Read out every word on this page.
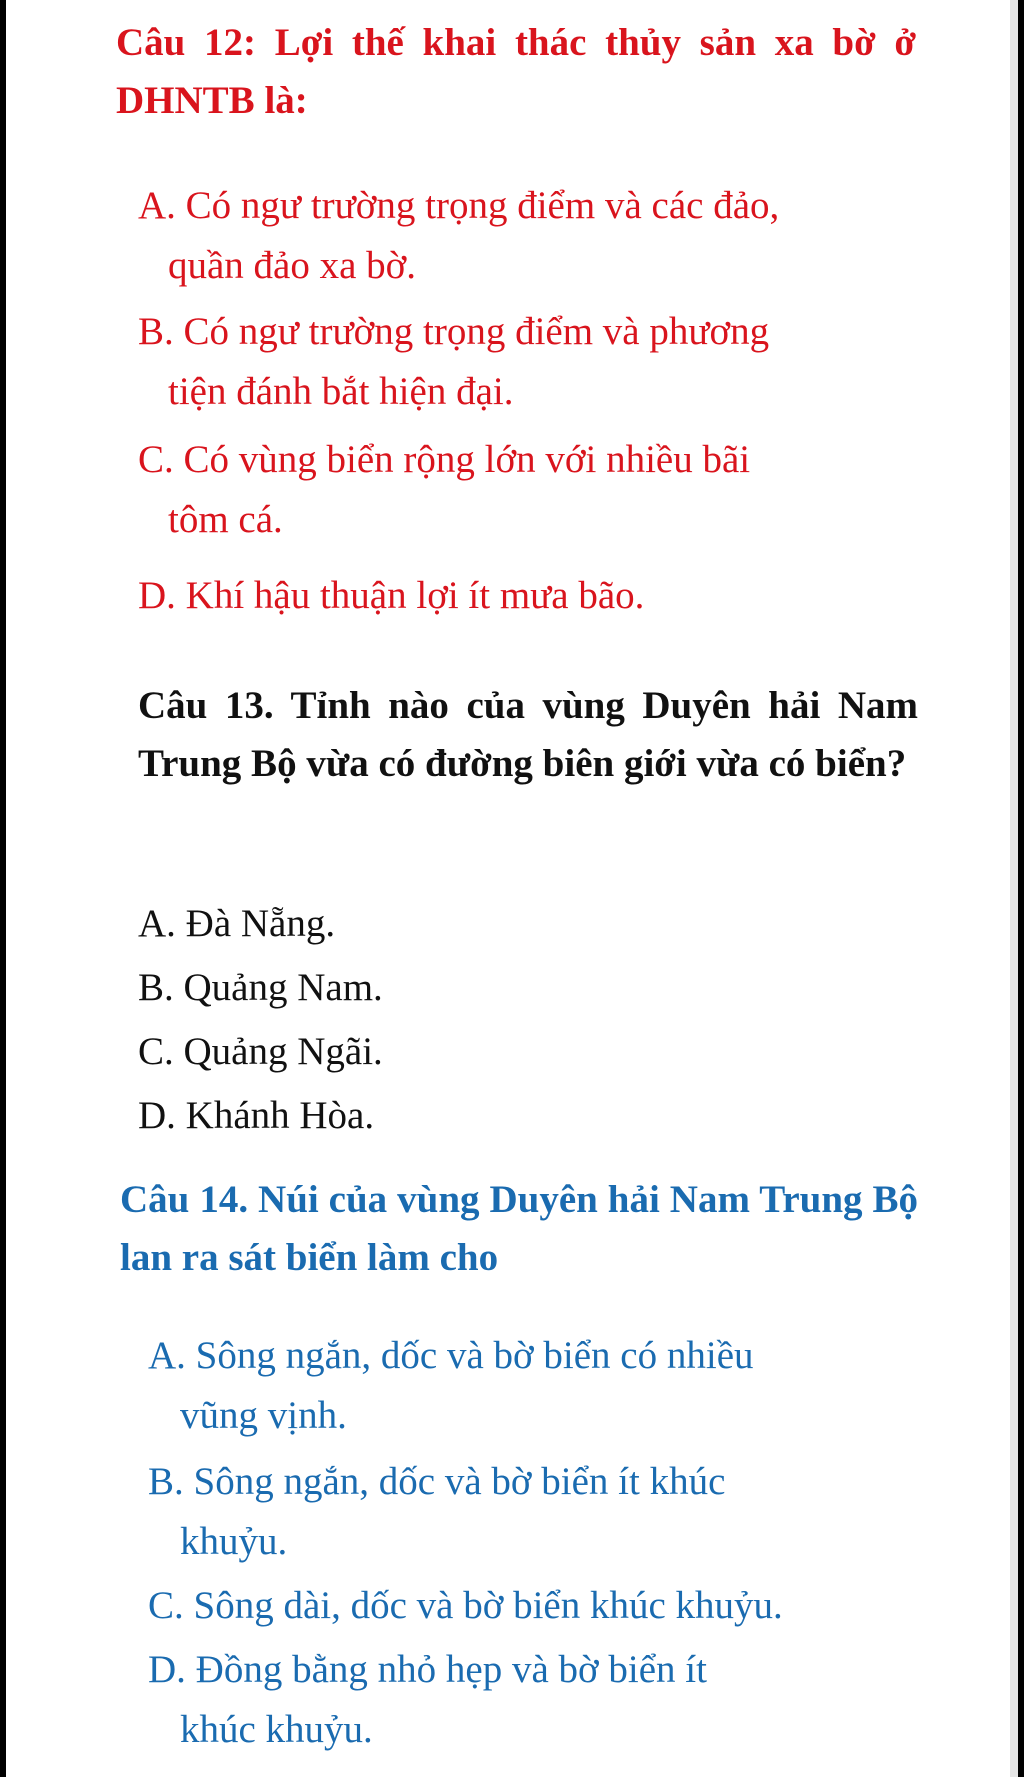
Câu 12: Lợi thế khai thác thủy sản xa bờ ở DHNTB là:
A. Có ngư trường trọng điểm và các đảo,
quần đảo xa bờ.
B. Có ngư trường trọng điểm và phương
tiện đánh bắt hiện đại.
C. Có vùng biển rộng lớn với nhiều bãi
tôm cá.
D. Khí hậu thuận lợi ít mưa bão.
Câu 13. Tỉnh nào của vùng Duyên hải Nam Trung Bộ vừa có đường biên giới vừa có biển?
A. Đà Nẵng.
B. Quảng Nam.
C. Quảng Ngãi.
D. Khánh Hòa.
Câu 14. Núi của vùng Duyên hải Nam Trung Bộ lan ra sát biển làm cho
A. Sông ngắn, dốc và bờ biển có nhiều
vũng vịnh.
B. Sông ngắn, dốc và bờ biển ít khúc
khuỷu.
C. Sông dài, dốc và bờ biển khúc khuỷu.
D. Đồng bằng nhỏ hẹp và bờ biển ít
khúc khuỷu.
